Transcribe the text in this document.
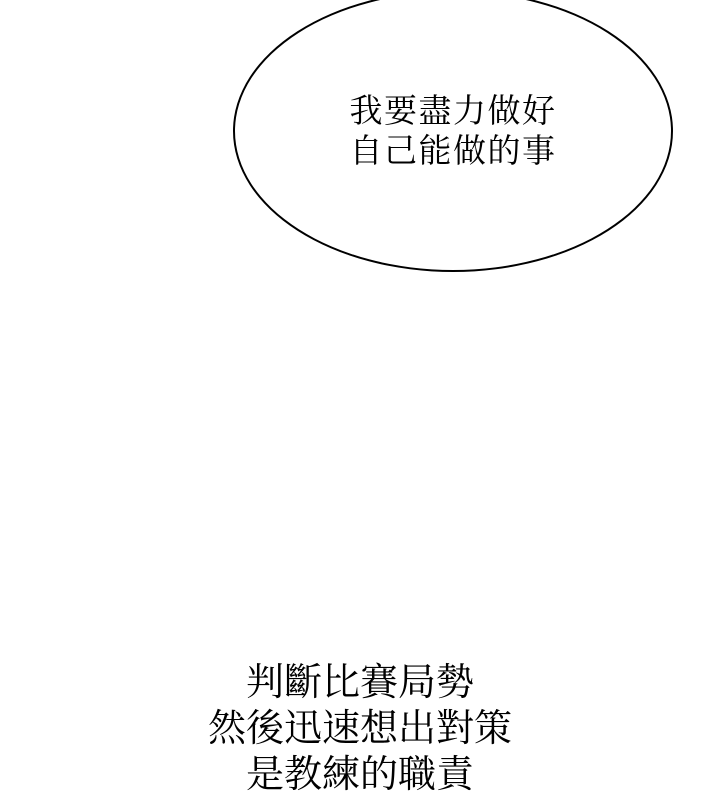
我要盡力做好
自己能做的事
判斷比賽局勢
然後迅速想出對策
是教練的職責
